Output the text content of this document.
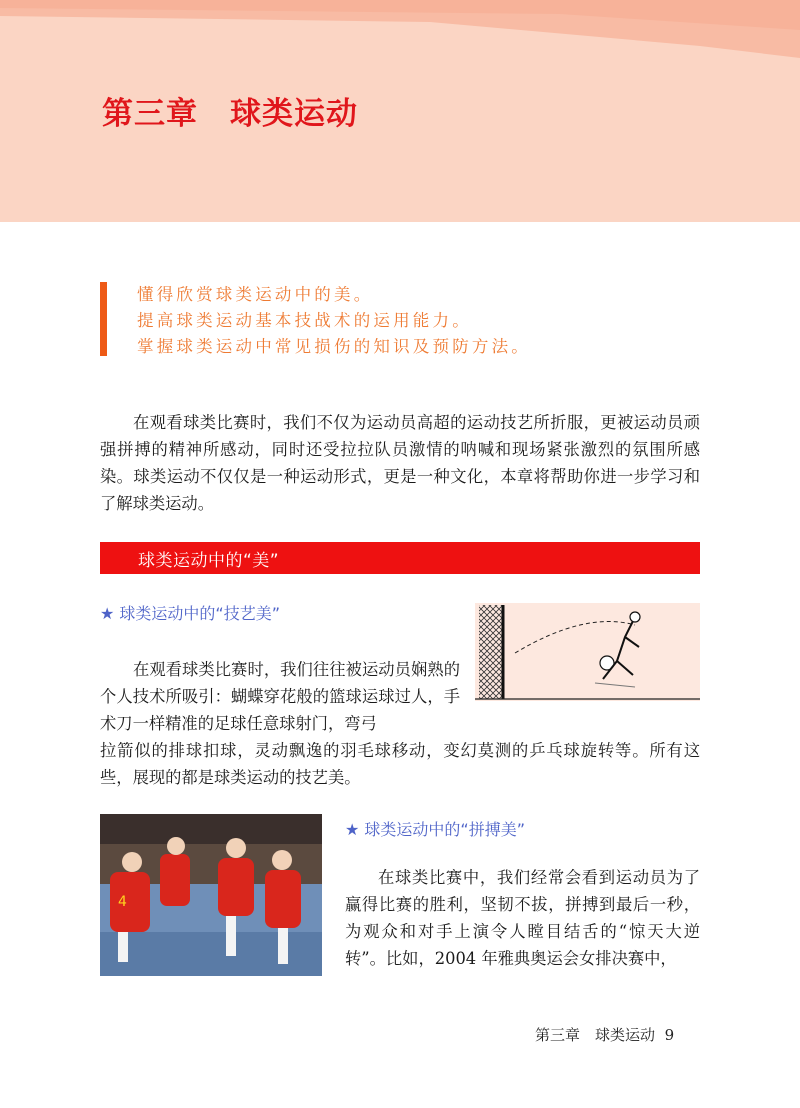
第三章　球类运动
懂得欣赏球类运动中的美。
提高球类运动基本技战术的运用能力。
掌握球类运动中常见损伤的知识及预防方法。

在观看球类比赛时，我们不仅为运动员高超的运动技艺所折服，更被运动员顽强拼搏的精神所感动，同时还受拉拉队员激情的呐喊和现场紧张激烈的氛围所感染。球类运动不仅仅是一种运动形式，更是一种文化，本章将帮助你进一步学习和了解球类运动。

球类运动中的“美”
★ 球类运动中的“技艺美”

在观看球类比赛时，我们往往被运动员娴熟的个人技术所吸引：蝴蝶穿花般的篮球运球过人，手术刀一样精准的足球任意球射门，弯弓

拉箭似的排球扣球，灵动飘逸的羽毛球移动，变幻莫测的乒乓球旋转等。所有这些，展现的都是球类运动的技艺美。

4
★ 球类运动中的“拼搏美”

在球类比赛中，我们经常会看到运动员为了赢得比赛的胜利，坚韧不拔，拼搏到最后一秒，为观众和对手上演令人瞠目结舌的“惊天大逆转”。比如，2004 年雅典奥运会女排决赛中，

第三章　球类运动 9
